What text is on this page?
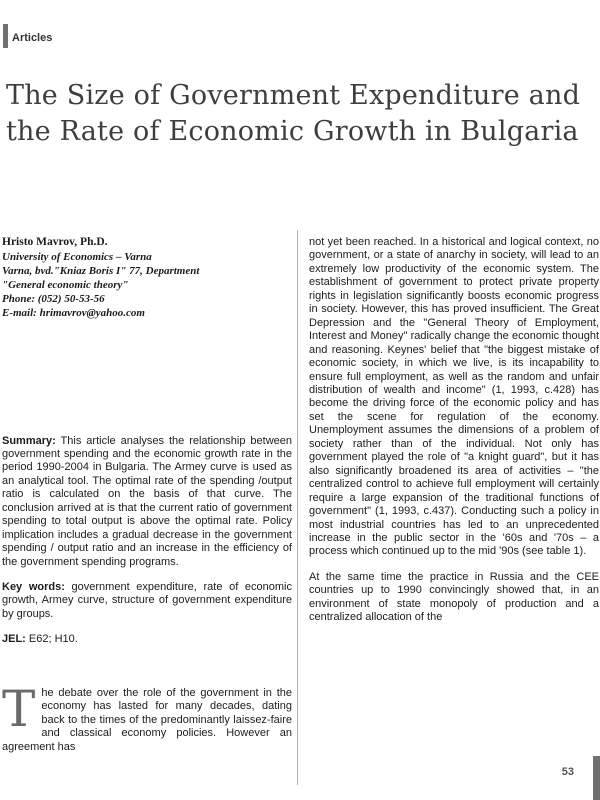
Articles
The Size of Government Expenditure and the Rate of Economic Growth in Bulgaria

Hristo Mavrov, Ph.D.

University of Economics – Varna
Varna, bvd."Kniaz Boris I" 77, Department
"General economic theory"
Phone: (052) 50-53-56
E-mail: hrimavrov@yahoo.com

Summary: This article analyses the relationship between government spending and the economic growth rate in the period 1990-2004 in Bulgaria. The Armey curve is used as an analytical tool. The optimal rate of the spending /output ratio is calculated on the basis of that curve. The conclusion arrived at is that the current ratio of government spending to total output is above the optimal rate. Policy implication includes a gradual decrease in the government spending / output ratio and an increase in the efficiency of the government spending programs.

Key words: government expenditure, rate of economic growth, Armey curve, structure of government expenditure by groups.

JEL: E62; H10.

The debate over the role of the government in the economy has lasted for many decades, dating back to the times of the predominantly laissez-faire and classical economy policies. However an agreement has

not yet been reached. In a historical and logical context, no government, or a state of anarchy in society, will lead to an extremely low productivity of the economic system. The establishment of government to protect private property rights in legislation significantly boosts economic progress in society. However, this has proved insufficient. The Great Depression and the "General Theory of Employment, Interest and Money" radically change the economic thought and reasoning. Keynes' belief that "the biggest mistake of economic society, in which we live, is its incapability to ensure full employment, as well as the random and unfair distribution of wealth and income" (1, 1993, c.428) has become the driving force of the economic policy and has set the scene for regulation of the economy. Unemployment assumes the dimensions of a problem of society rather than of the individual. Not only has government played the role of "a knight guard", but it has also significantly broadened its area of activities – "the centralized control to achieve full employment will certainly require a large expansion of the traditional functions of government" (1, 1993, c.437). Conducting such a policy in most industrial countries has led to an unprecedented increase in the public sector in the '60s and '70s – a process which continued up to the mid '90s (see table 1).

At the same time the practice in Russia and the CEE countries up to 1990 convincingly showed that, in an environment of state monopoly of production and a centralized allocation of the

53
